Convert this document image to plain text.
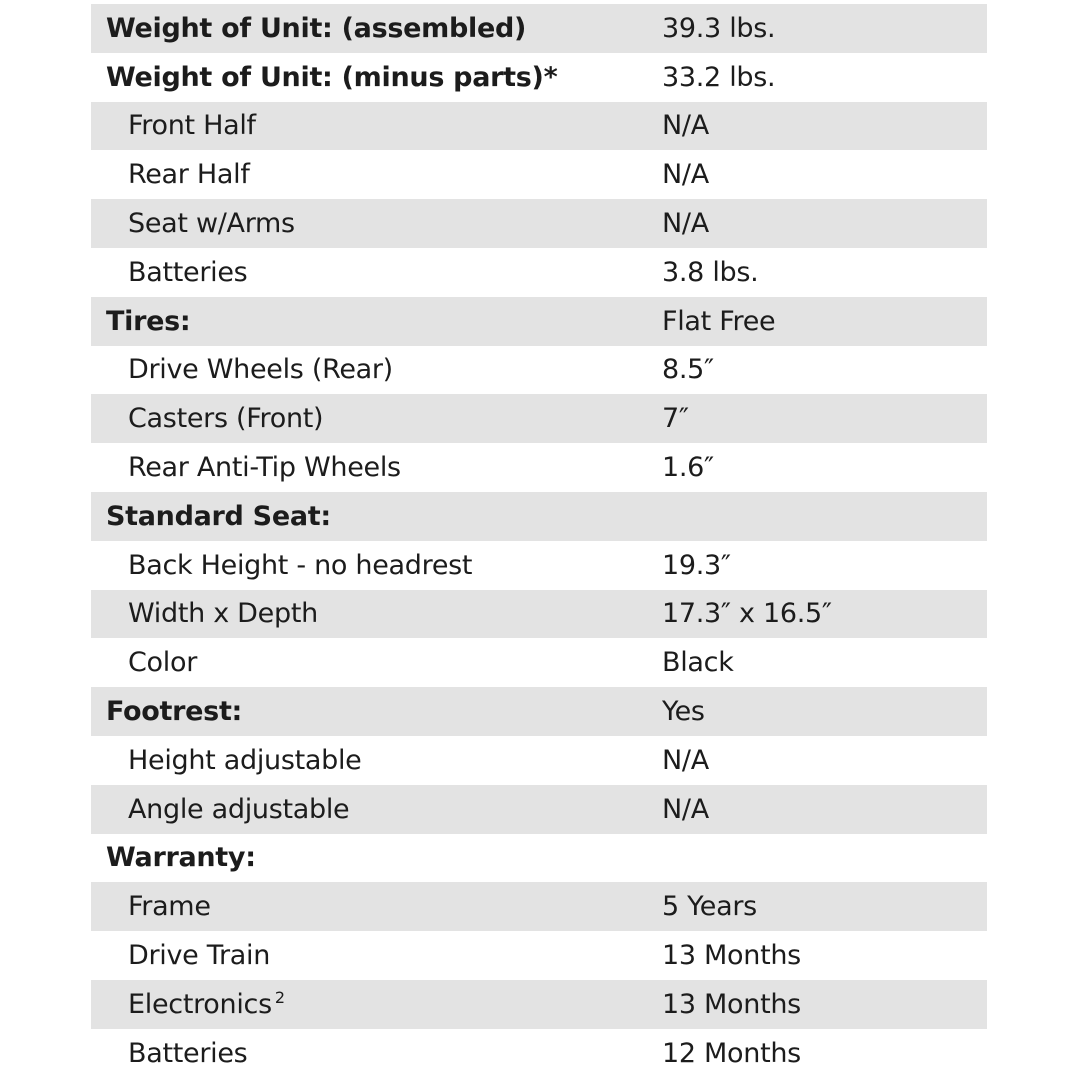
Weight of Unit: (assembled)	39.3 lbs.
Weight of Unit: (minus parts)*	33.2 lbs.
Front Half	N/A
Rear Half	N/A
Seat w/Arms	N/A
Batteries	3.8 lbs.
Tires:	Flat Free
Drive Wheels (Rear)	8.5″
Casters (Front)	7″
Rear Anti-Tip Wheels	1.6″
Standard Seat:
Back Height - no headrest	19.3″
Width x Depth	17.3″ x 16.5″
Color	Black
Footrest:	Yes
Height adjustable	N/A
Angle adjustable	N/A
Warranty:
Frame	5 Years
Drive Train	13 Months
Electronics $^2$	13 Months
Batteries	12 Months
